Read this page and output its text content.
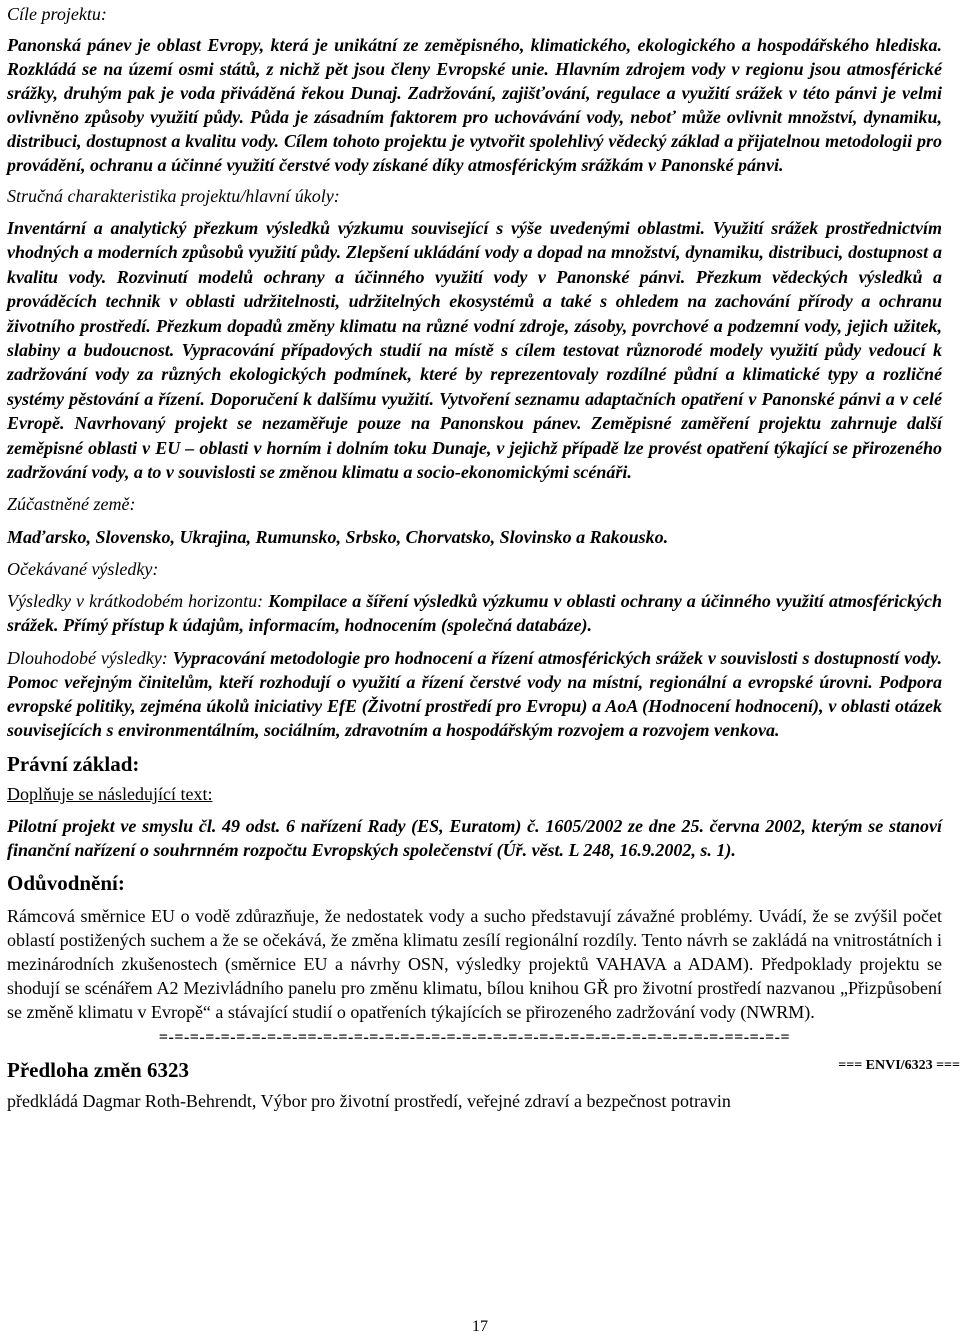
Cíle projektu:

Panonská pánev je oblast Evropy, která je unikátní ze zeměpisného, klimatického, ekologického a hospodářského hlediska. Rozkládá se na území osmi států, z nichž pět jsou členy Evropské unie. Hlavním zdrojem vody v regionu jsou atmosférické srážky, druhým pak je voda přiváděná řekou Dunaj. Zadržování, zajišťování, regulace a využití srážek v této pánvi je velmi ovlivněno způsoby využití půdy. Půda je zásadním faktorem pro uchovávání vody, neboť může ovlivnit množství, dynamiku, distribuci, dostupnost a kvalitu vody. Cílem tohoto projektu je vytvořit spolehlivý vědecký základ a přijatelnou metodologii pro provádění, ochranu a účinné využití čerstvé vody získané díky atmosférickým srážkám v Panonské pánvi.

Stručná charakteristika projektu/hlavní úkoly:

Inventární a analytický přezkum výsledků výzkumu související s výše uvedenými oblastmi. Využití srážek prostřednictvím vhodných a moderních způsobů využití půdy. Zlepšení ukládání vody a dopad na množství, dynamiku, distribuci, dostupnost a kvalitu vody. Rozvinutí modelů ochrany a účinného využití vody v Panonské pánvi. Přezkum vědeckých výsledků a prováděcích technik v oblasti udržitelnosti, udržitelných ekosystémů a také s ohledem na zachování přírody a ochranu životního prostředí. Přezkum dopadů změny klimatu na různé vodní zdroje, zásoby, povrchové a podzemní vody, jejich užitek, slabiny a budoucnost. Vypracování případových studií na místě s cílem testovat různorodé modely využití půdy vedoucí k zadržování vody za různých ekologických podmínek, které by reprezentovaly rozdílné půdní a klimatické typy a rozličné systémy pěstování a řízení. Doporučení k dalšímu využití. Vytvoření seznamu adaptačních opatření v Panonské pánvi a v celé Evropě. Navrhovaný projekt se nezaměřuje pouze na Panonskou pánev. Zeměpisné zaměření projektu zahrnuje další zeměpisné oblasti v EU – oblasti v horním i dolním toku Dunaje, v jejichž případě lze provést opatření týkající se přirozeného zadržování vody, a to v souvislosti se změnou klimatu a socio-ekonomickými scénáři.

Zúčastněné země:

Maďarsko, Slovensko, Ukrajina, Rumunsko, Srbsko, Chorvatsko, Slovinsko a Rakousko.

Očekávané výsledky:

Výsledky v krátkodobém horizontu: Kompilace a šíření výsledků výzkumu v oblasti ochrany a účinného využití atmosférických srážek. Přímý přístup k údajům, informacím, hodnocením (společná databáze).

Dlouhodobé výsledky: Vypracování metodologie pro hodnocení a řízení atmosférických srážek v souvislosti s dostupností vody. Pomoc veřejným činitelům, kteří rozhodují o využití a řízení čerstvé vody na místní, regionální a evropské úrovni. Podpora evropské politiky, zejména úkolů iniciativy EfE (Životní prostředí pro Evropu) a AoA (Hodnocení hodnocení), v oblasti otázek souvisejících s environmentálním, sociálním, zdravotním a hospodářským rozvojem a rozvojem venkova.

Právní základ:

Doplňuje se následující text:

Pilotní projekt ve smyslu čl. 49 odst. 6 nařízení Rady (ES, Euratom) č. 1605/2002 ze dne 25. června 2002, kterým se stanoví finanční nařízení o souhrnném rozpočtu Evropských společenství (Úř. věst. L 248, 16.9.2002, s. 1).

Odůvodnění:

Rámcová směrnice EU o vodě zdůrazňuje, že nedostatek vody a sucho představují závažné problémy. Uvádí, že se zvýšil počet oblastí postižených suchem a že se očekává, že změna klimatu zesílí regionální rozdíly. Tento návrh se zakládá na vnitrostátních i mezinárodních zkušenostech (směrnice EU a návrhy OSN, výsledky projektů VAHAVA a ADAM). Předpoklady projektu se shodují se scénářem A2 Mezivládního panelu pro změnu klimatu, bílou knihou GŘ pro životní prostředí nazvanou „Přizpůsobení se změně klimatu v Evropě“ a stávající studií o opatřeních týkajících se přirozeného zadržování vody (NWRM).

=-=-=-=-=-=-=-=-=-==-=-=-=-=-=-=-=-=-=-=-=-=-=-=-=-=-=-=-=-=-=-=-=-=-=-=-==-=-=-=

Předloha změn 6323	=== ENVI/6323 ===

předkládá Dagmar Roth-Behrendt, Výbor pro životní prostředí, veřejné zdraví a bezpečnost potravin

17
